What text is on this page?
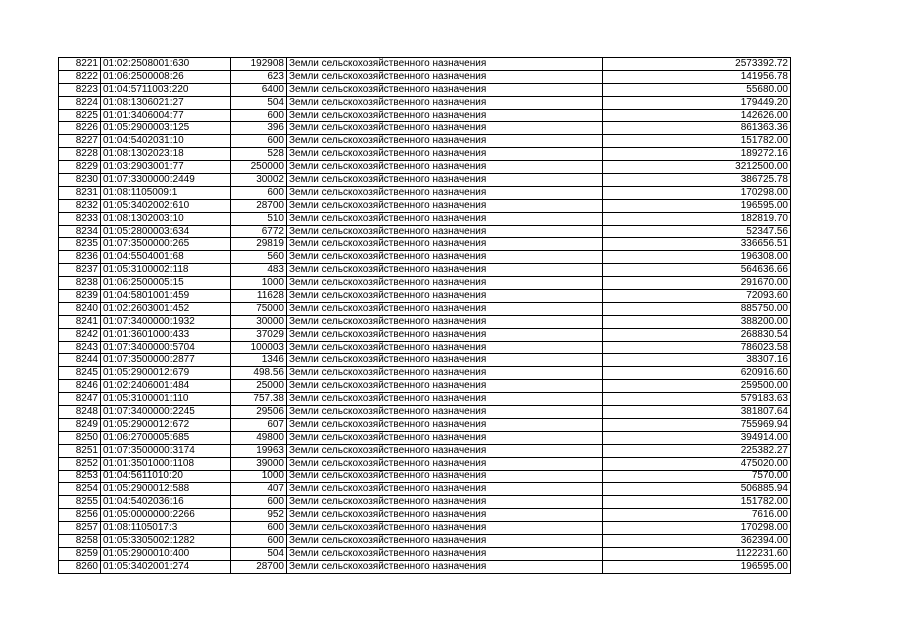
8221	01:02:2508001:630	192908	Земли сельскохозяйственного назначения	2573392.72
8222	01:06:2500008:26	623	Земли сельскохозяйственного назначения	141956.78
8223	01:04:5711003:220	6400	Земли сельскохозяйственного назначения	55680.00
8224	01:08:1306021:27	504	Земли сельскохозяйственного назначения	179449.20
8225	01:01:3406004:77	600	Земли сельскохозяйственного назначения	142626.00
8226	01:05:2900003:125	396	Земли сельскохозяйственного назначения	861363.36
8227	01:04:5402031:10	600	Земли сельскохозяйственного назначения	151782.00
8228	01:08:1302023:18	528	Земли сельскохозяйственного назначения	189272.16
8229	01:03:2903001:77	250000	Земли сельскохозяйственного назначения	3212500.00
8230	01:07:3300000:2449	30002	Земли сельскохозяйственного назначения	386725.78
8231	01:08:1105009:1	600	Земли сельскохозяйственного назначения	170298.00
8232	01:05:3402002:610	28700	Земли сельскохозяйственного назначения	196595.00
8233	01:08:1302003:10	510	Земли сельскохозяйственного назначения	182819.70
8234	01:05:2800003:634	6772	Земли сельскохозяйственного назначения	52347.56
8235	01:07:3500000:265	29819	Земли сельскохозяйственного назначения	336656.51
8236	01:04:5504001:68	560	Земли сельскохозяйственного назначения	196308.00
8237	01:05:3100002:118	483	Земли сельскохозяйственного назначения	564636.66
8238	01:06:2500005:15	1000	Земли сельскохозяйственного назначения	291670.00
8239	01:04:5801001:459	11628	Земли сельскохозяйственного назначения	72093.60
8240	01:02:2603001:452	75000	Земли сельскохозяйственного назначения	885750.00
8241	01:07:3400000:1932	30000	Земли сельскохозяйственного назначения	388200.00
8242	01:01:3601000:433	37029	Земли сельскохозяйственного назначения	268830.54
8243	01:07:3400000:5704	100003	Земли сельскохозяйственного назначения	786023.58
8244	01:07:3500000:2877	1346	Земли сельскохозяйственного назначения	38307.16
8245	01:05:2900012:679	498.56	Земли сельскохозяйственного назначения	620916.60
8246	01:02:2406001:484	25000	Земли сельскохозяйственного назначения	259500.00
8247	01:05:3100001:110	757.38	Земли сельскохозяйственного назначения	579183.63
8248	01:07:3400000:2245	29506	Земли сельскохозяйственного назначения	381807.64
8249	01:05:2900012:672	607	Земли сельскохозяйственного назначения	755969.94
8250	01:06:2700005:685	49800	Земли сельскохозяйственного назначения	394914.00
8251	01:07:3500000:3174	19963	Земли сельскохозяйственного назначения	225382.27
8252	01:01:3501000:1108	39000	Земли сельскохозяйственного назначения	475020.00
8253	01:04:5611010:20	1000	Земли сельскохозяйственного назначения	7570.00
8254	01:05:2900012:588	407	Земли сельскохозяйственного назначения	506885.94
8255	01:04:5402036:16	600	Земли сельскохозяйственного назначения	151782.00
8256	01:05:0000000:2266	952	Земли сельскохозяйственного назначения	7616.00
8257	01:08:1105017:3	600	Земли сельскохозяйственного назначения	170298.00
8258	01:05:3305002:1282	600	Земли сельскохозяйственного назначения	362394.00
8259	01:05:2900010:400	504	Земли сельскохозяйственного назначения	1122231.60
8260	01:05:3402001:274	28700	Земли сельскохозяйственного назначения	196595.00
